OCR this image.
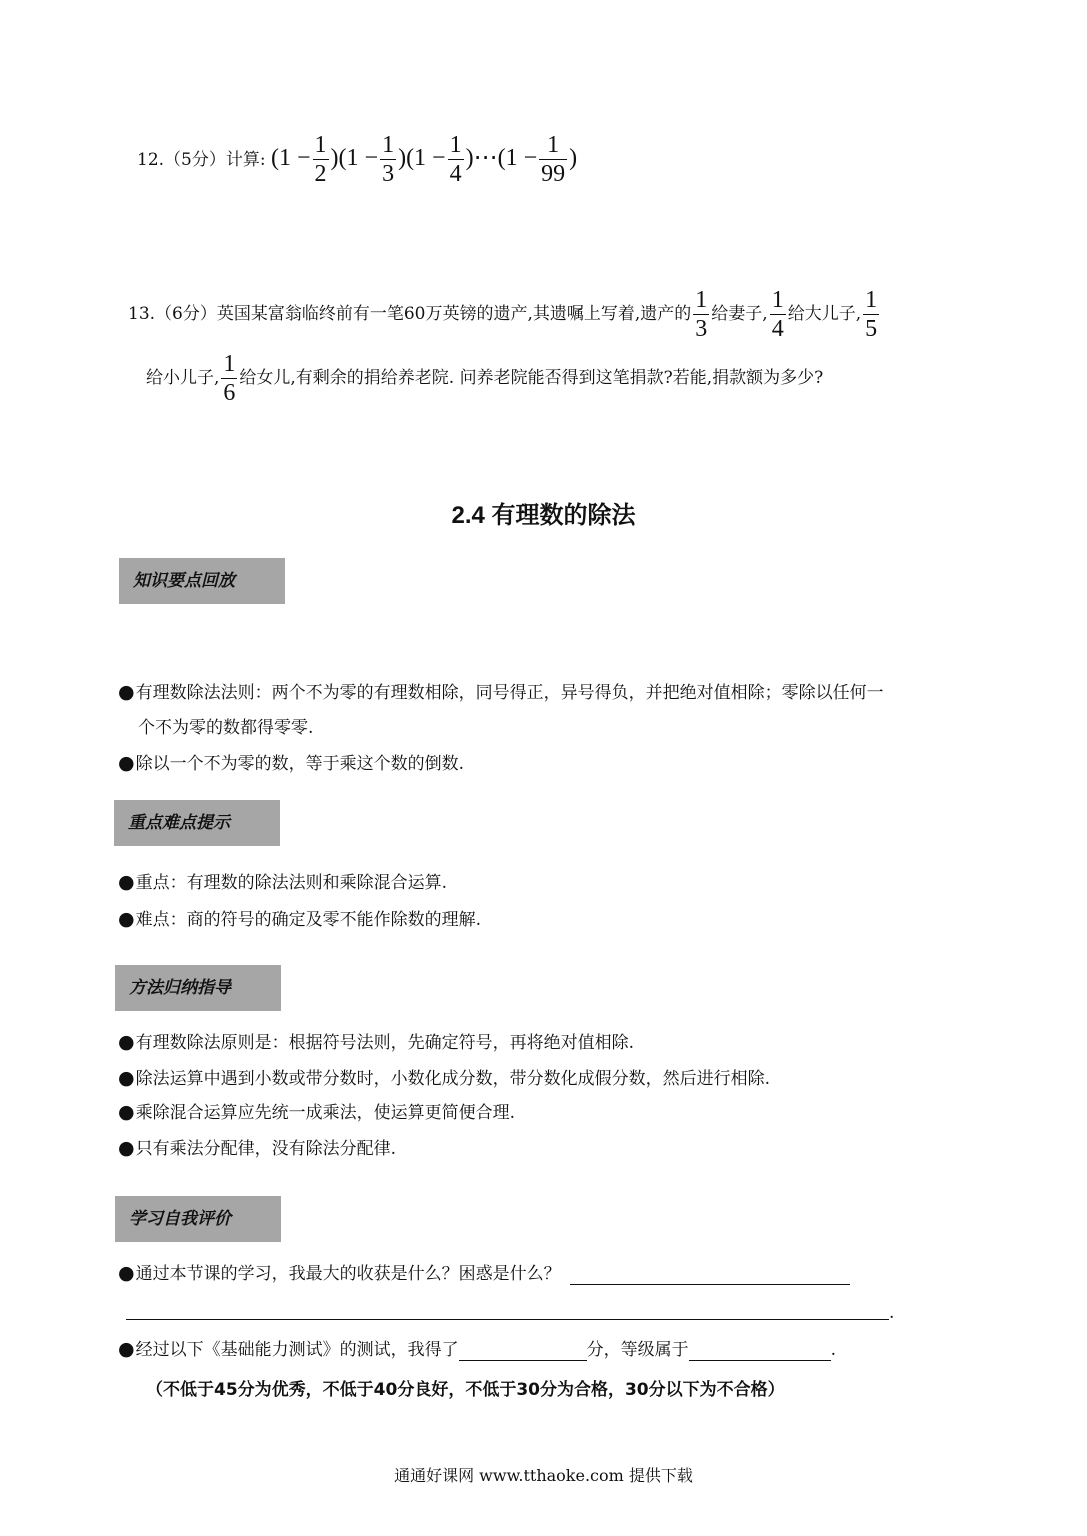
12.（5分）计算: $(1 - \frac{1}{2} )(1 - \frac{1}{3} )(1 - \frac{1}{4}$ )⋯(1 − $\frac{1}{99}$ )
13.（6分）英国某富翁临终前有一笔60万英镑的遗产,其遗嘱上写着,遗产的 $\frac{1}{3}$ 给妻子, $\frac{1}{4}$ 给大儿子, $\frac{1}{5}$
给小儿子, $\frac{1}{6}$ 给女儿,有剩余的捐给养老院. 问养老院能否得到这笔捐款?若能,捐款额为多少?
2.4 有理数的除法
知识要点回放
●有理数除法法则：两个不为零的有理数相除，同号得正，异号得负，并把绝对值相除；零除以任何一
个不为零的数都得零零.
●除以一个不为零的数，等于乘这个数的倒数.
重点难点提示
●重点：有理数的除法法则和乘除混合运算.
●难点：商的符号的确定及零不能作除数的理解.
方法归纳指导
●有理数除法原则是：根据符号法则，先确定符号，再将绝对值相除.
●除法运算中遇到小数或带分数时，小数化成分数，带分数化成假分数，然后进行相除.
●乘除混合运算应先统一成乘法，使运算更简便合理.
●只有乘法分配律，没有除法分配律.
学习自我评价
●通过本节课的学习，我最大的收获是什么？困惑是什么？
.
●经过以下《基础能力测试》的测试，我得了	分，等级属于	.
（不低于45分为优秀，不低于40分良好，不低于30分为合格，30分以下为不合格）
通通好课网 www.tthaoke.com 提供下载
